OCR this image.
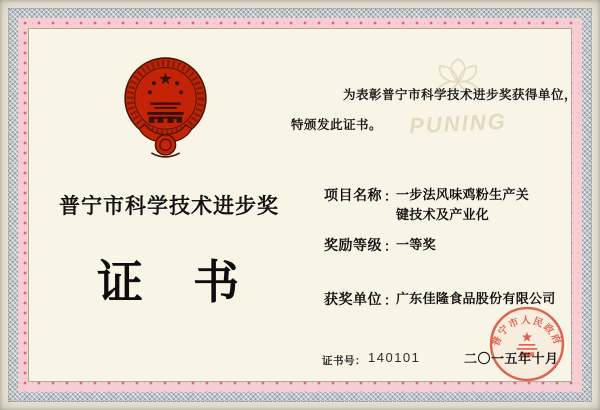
普宁市科学技术进步奖
证　书
PUNING
为表彰普宁市科学技术进步奖获得单位，
特颁发此证书。
项目名称 ：
一步法风味鸡粉生产关键技术及产业化
奖励等级 ：
一等奖
获奖单位 ：
广东佳隆食品股份有限公司
证书号： 140101
普宁市人民政府
二〇一五年十月
